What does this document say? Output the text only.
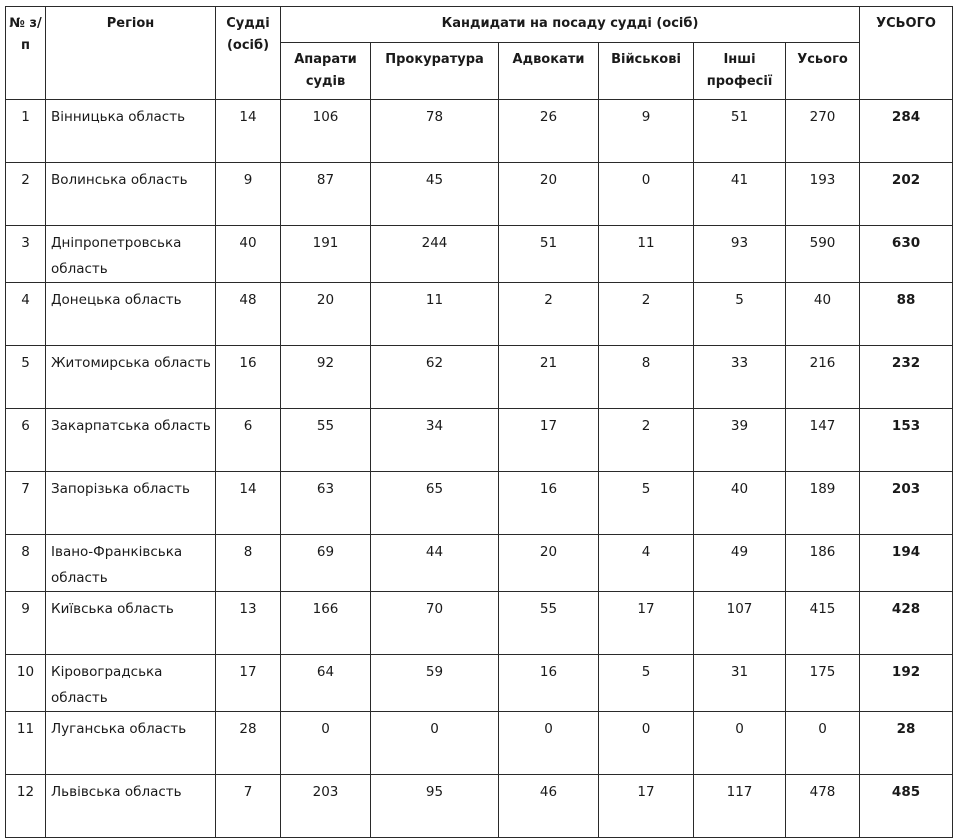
№ з/п	Регіон	Судді (осіб)	Кандидати на посаду судді (осіб)						УСЬОГО

			Апарати судів	Прокуратура	Адвокати	Військові	Інші професії	Усього	

1	Вінницька область	14	106	78	26	9	51	270	284

2	Волинська область	9	87	45	20	0	41	193	202

3	Дніпропетровська область	40	191	244	51	11	93	590	630

4	Донецька область	48	20	11	2	2	5	40	88

5	Житомирська область	16	92	62	21	8	33	216	232

6	Закарпатська область	6	55	34	17	2	39	147	153

7	Запорізька область	14	63	65	16	5	40	189	203

8	Івано-Франківська область	8	69	44	20	4	49	186	194

9	Київська область	13	166	70	55	17	107	415	428

10	Кіровоградська область	17	64	59	16	5	31	175	192

11	Луганська область	28	0	0	0	0	0	0	28

12	Львівська область	7	203	95	46	17	117	478	485
